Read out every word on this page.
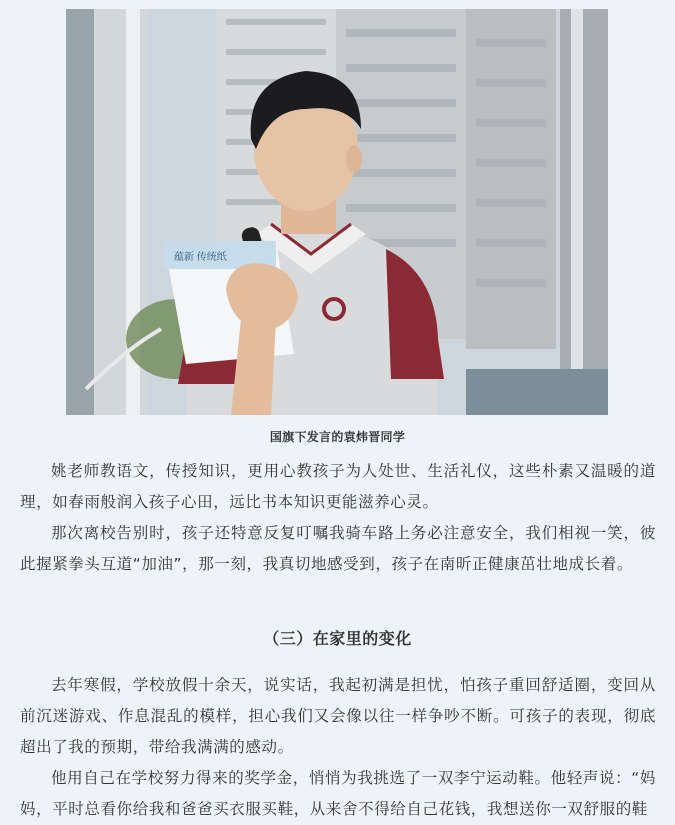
蕴新 传统纸
国旗下发言的袁炜晋同学

姚老师教语文，传授知识，更用心教孩子为人处世、生活礼仪，这些朴素又温暖的道理，如春雨般润入孩子心田，远比书本知识更能滋养心灵。

那次离校告别时，孩子还特意反复叮嘱我骑车路上务必注意安全，我们相视一笑，彼此握紧拳头互道“加油”，那一刻，我真切地感受到，孩子在南昕正健康茁壮地成长着。

（三）在家里的变化

去年寒假，学校放假十余天，说实话，我起初满是担忧，怕孩子重回舒适圈，变回从前沉迷游戏、作息混乱的模样，担心我们又会像以往一样争吵不断。可孩子的表现，彻底超出了我的预期，带给我满满的感动。

他用自己在学校努力得来的奖学金，悄悄为我挑选了一双李宁运动鞋。他轻声说：“妈妈，平时总看你给我和爸爸买衣服买鞋，从来舍不得给自己花钱，我想送你一双舒服的鞋
